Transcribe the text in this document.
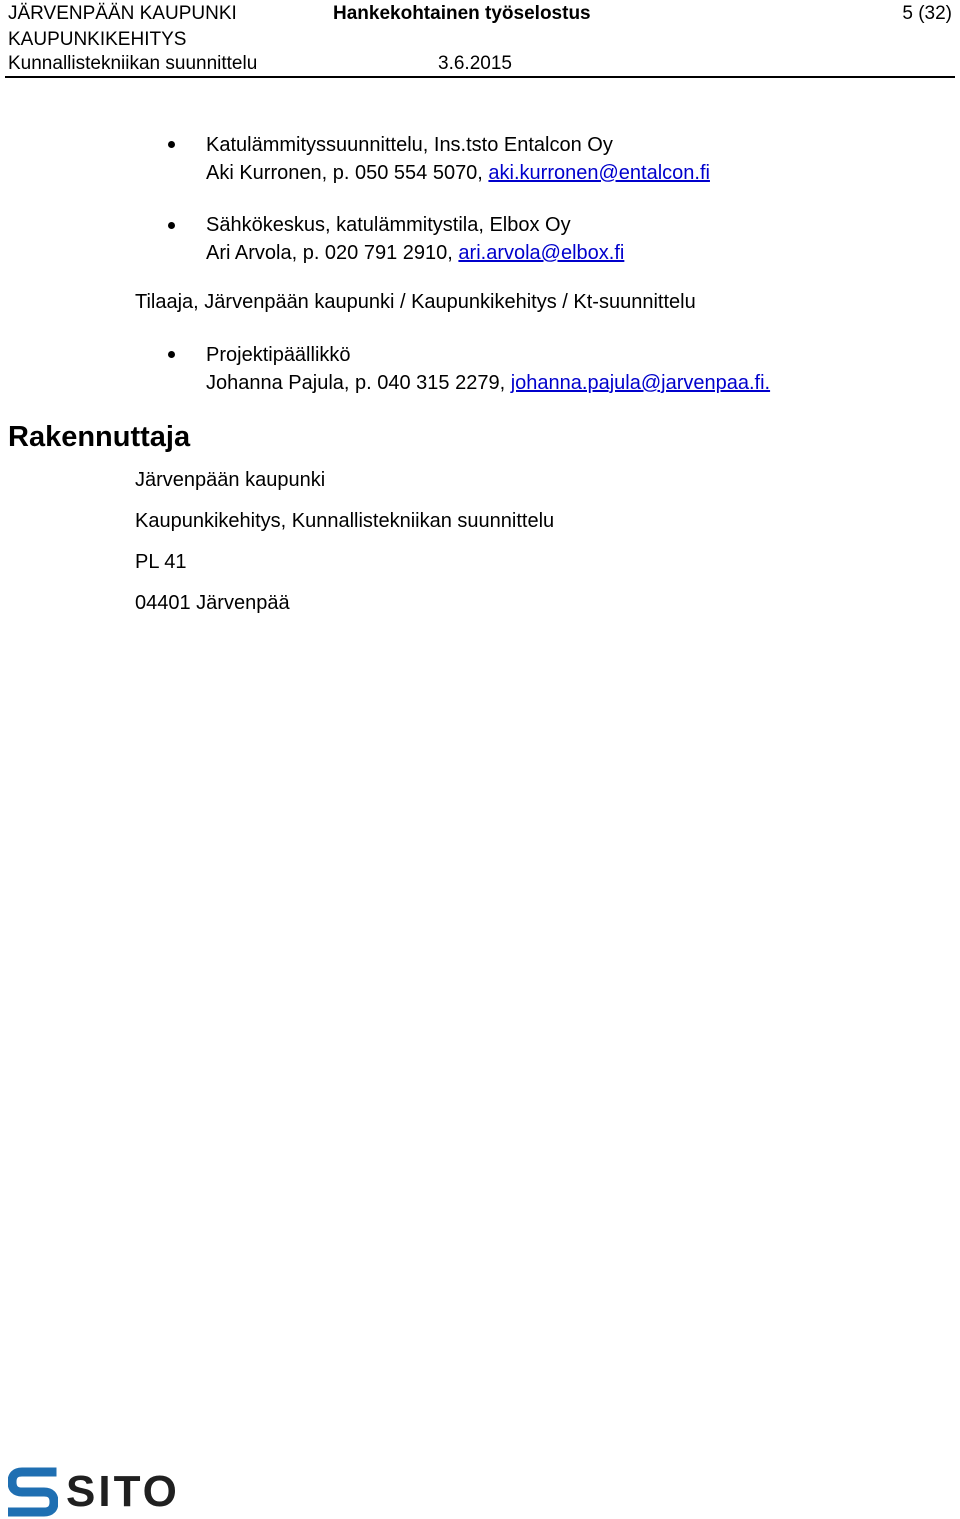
JÄRVENPÄÄN KAUPUNKI
KAUPUNKIKEHITYS
Kunnallistekniikan suunnittelu
Hankekohtainen työselostus
3.6.2015
5 (32)
Katulämmityssuunnittelu, Ins.tsto Entalcon Oy
Aki Kurronen, p. 050 554 5070, aki.kurronen@entalcon.fi
Sähkökeskus, katulämmitystila, Elbox Oy
Ari Arvola, p. 020 791 2910, ari.arvola@elbox.fi
Tilaaja, Järvenpään kaupunki / Kaupunkikehitys / Kt-suunnittelu
Projektipäällikkö
Johanna Pajula, p. 040 315 2279, johanna.pajula@jarvenpaa.fi.
Rakennuttaja
Järvenpään kaupunki
Kaupunkikehitys, Kunnallistekniikan suunnittelu
PL 41
04401 Järvenpää
SITO
